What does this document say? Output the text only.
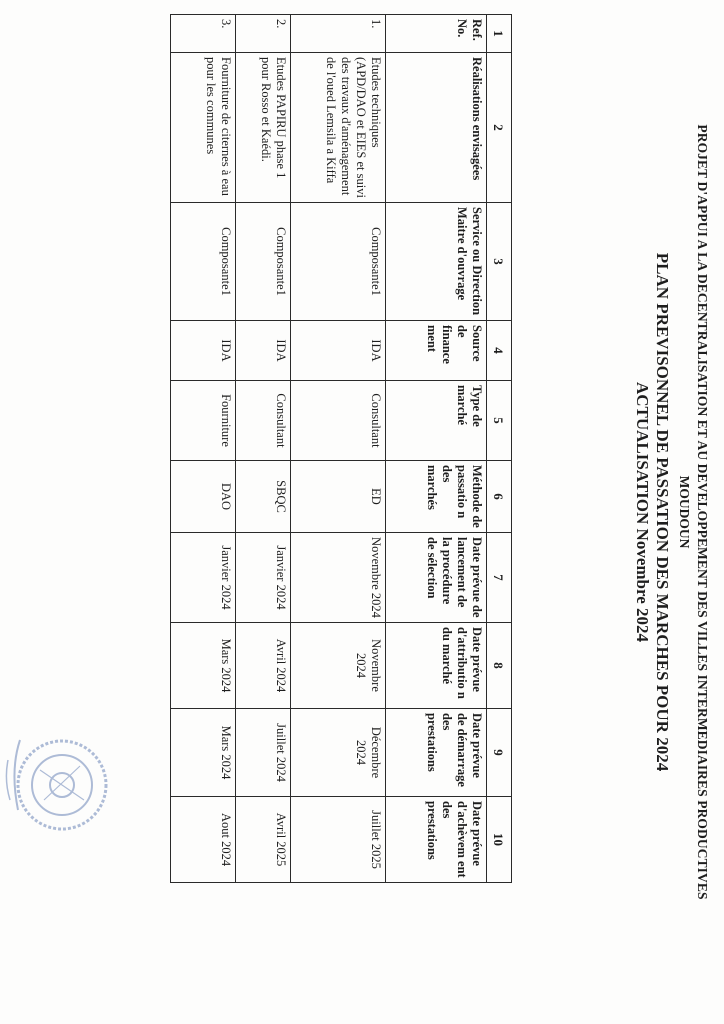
PROJET D'APPUI A LA DECENTRALISATION ET AU DEVELOPPEMENT DES VILLES INTERMEDIAIRES PRODUCTIVES
MOUDOUN
PLAN PREVISONNEL DE PASSATION DES MARCHES POUR 2024
ACTUALISATION Novembre 2024
1	2	3	4	5	6	7	8	9	10
Ref. No.	Réalisations envisagées	Service ou Direction Maitre d'ouvrage	Source de finance ment	Type de marché	Méthode de passatio n des marchés	Date prévue de lancement de la procédure de sélection	Date prévue d'attributio n du marché	Date prévue de démarrage des prestations	Date prévue d'achèvem ent des prestations
1.	Etudes techniques (APD/DAO et EIES et suivi des travaux d'aménagement de l'oued Lemsila a Kiffa	Composante1	IDA	Consultant	ED	Novembre 2024	Novembre 2024	Décembre 2024	Juillet 2025
2.	Etudes PAPIRU phase 1 pour Rosso et Kaédi.	Composante1	IDA	Consultant	SBQC	Janvier 2024	Avril 2024	Juillet 2024	Avril 2025
3.	Fourniture de citernes à eau pour les communes	Composante1	IDA	Fourniture	DAO	Janvier 2024	Mars 2024	Mars 2024	Aout 2024
